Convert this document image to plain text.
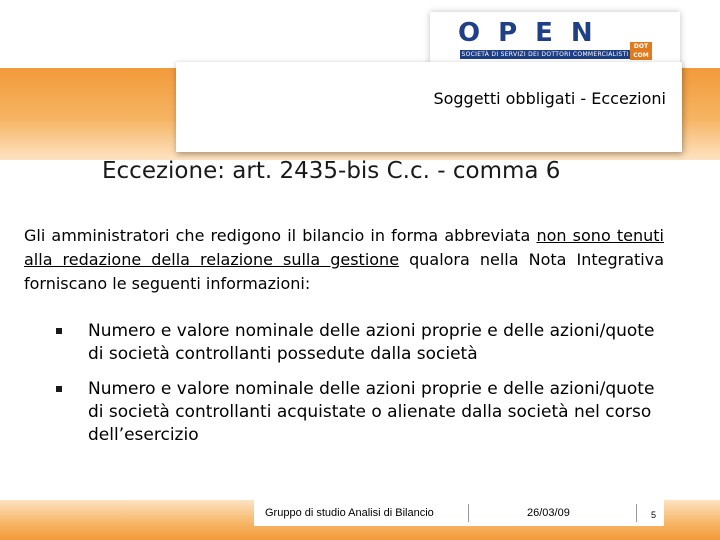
OPEN
SOCIETÀ DI SERVIZI DEI DOTTORI COMMERCIALISTI
DOT COM
Soggetti obbligati - Eccezioni
Eccezione: art. 2435-bis C.c. - comma 6
Gli amministratori che redigono il bilancio in forma abbreviata non sono tenuti alla redazione della relazione sulla gestione qualora nella Nota Integrativa forniscano le seguenti informazioni:
Numero e valore nominale delle azioni proprie e delle azioni/quote di società controllanti possedute dalla società
Numero e valore nominale delle azioni proprie e delle azioni/quote di società controllanti acquistate o alienate dalla società nel corso dell’esercizio
Gruppo di studio Analisi di Bilancio	26/03/09	5
